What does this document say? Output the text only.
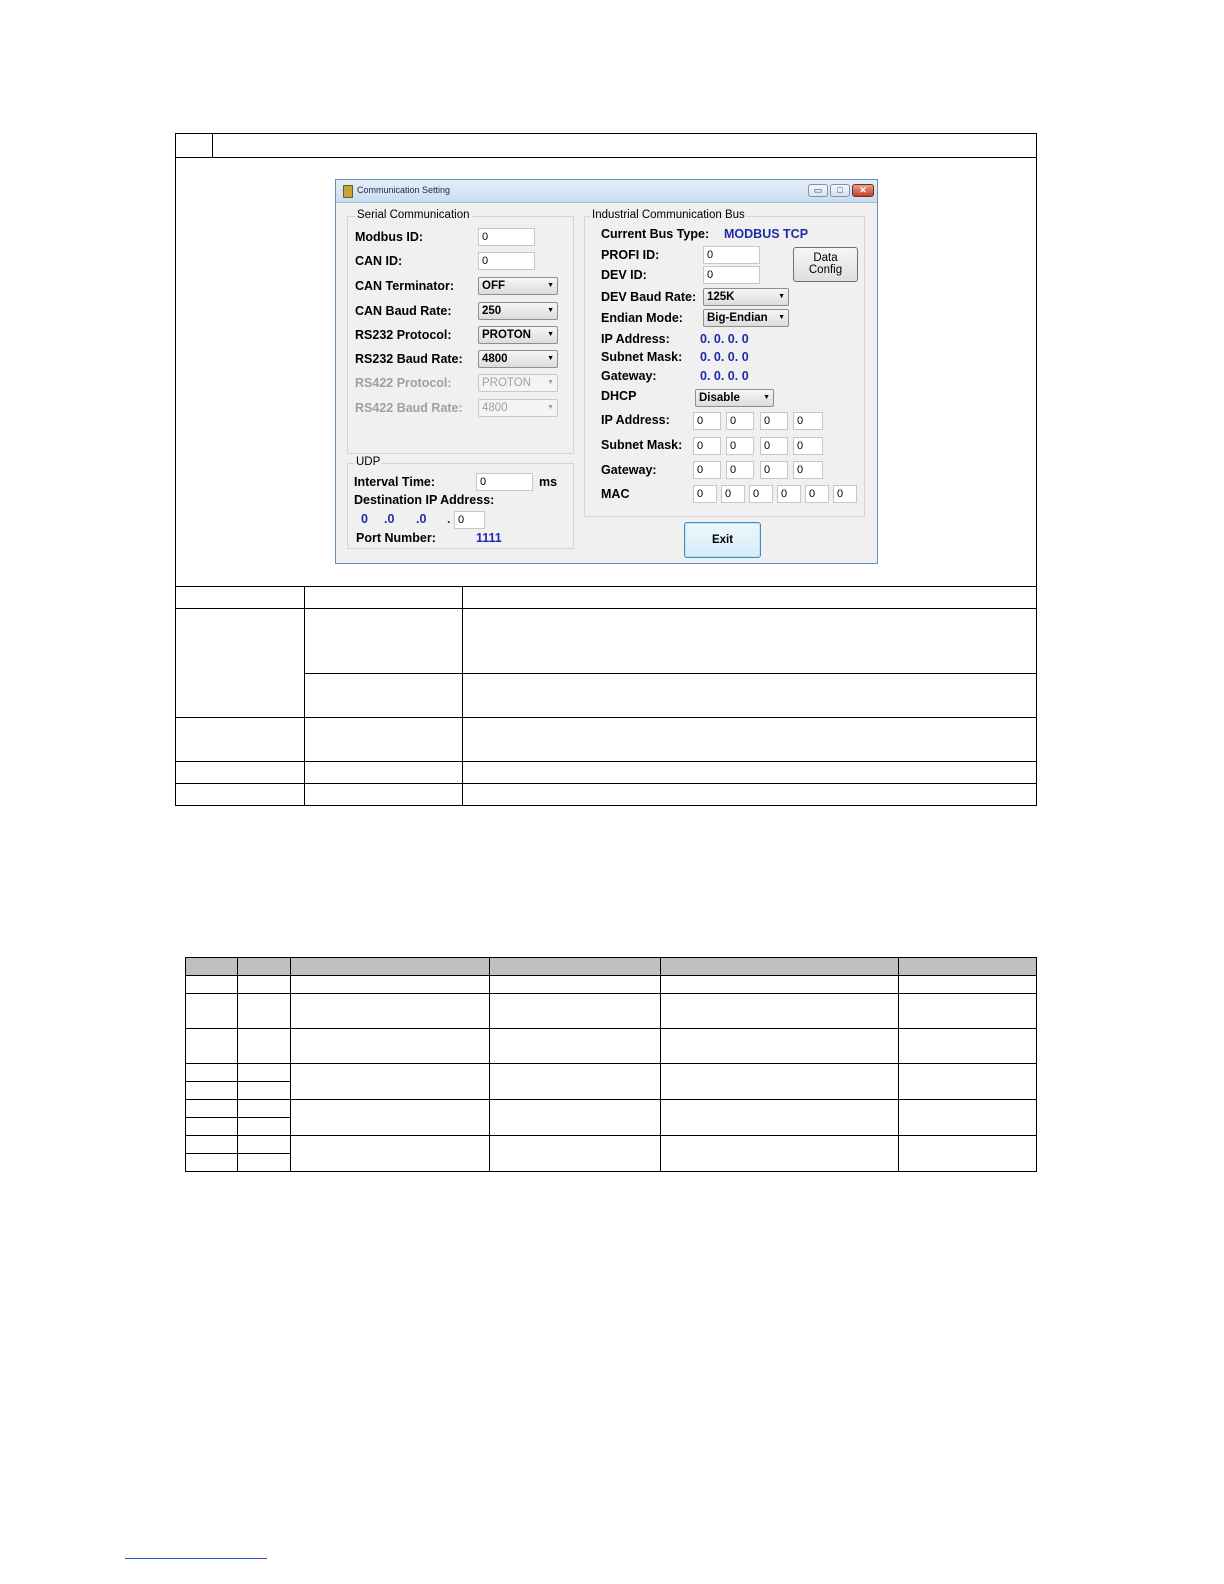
Communication Setting	▭	□	✕
Serial Communication
Modbus ID:	0
CAN ID:	0
CAN Terminator:	OFF	▼
CAN Baud Rate:	250	▼
RS232 Protocol:	PROTON ▼
RS232 Baud Rate:	4800	▼
RS422 Protocol:	PROTON ▼
RS422 Baud Rate:	4800	▼
UDP
Interval Time:	0	ms
Destination IP Address:
0 .0 .0 . 0
Port Number:	1111
Industrial Communication Bus
Current Bus Type: MODBUS TCP
PROFI ID:	0
DEV ID:	0
Data
Config
DEV Baud Rate: 125K	▼
Endian Mode:	Big-Endian ▼
IP Address: 0. 0. 0. 0
Subnet Mask: 0. 0. 0. 0
Gateway:	0. 0. 0. 0
DHCP	Disable	▼
IP Address:	0	0	0	0
Subnet Mask:	0	0	0	0
Gateway:	0	0	0	0
MAC	0	0	0	0	0	0
Exit
